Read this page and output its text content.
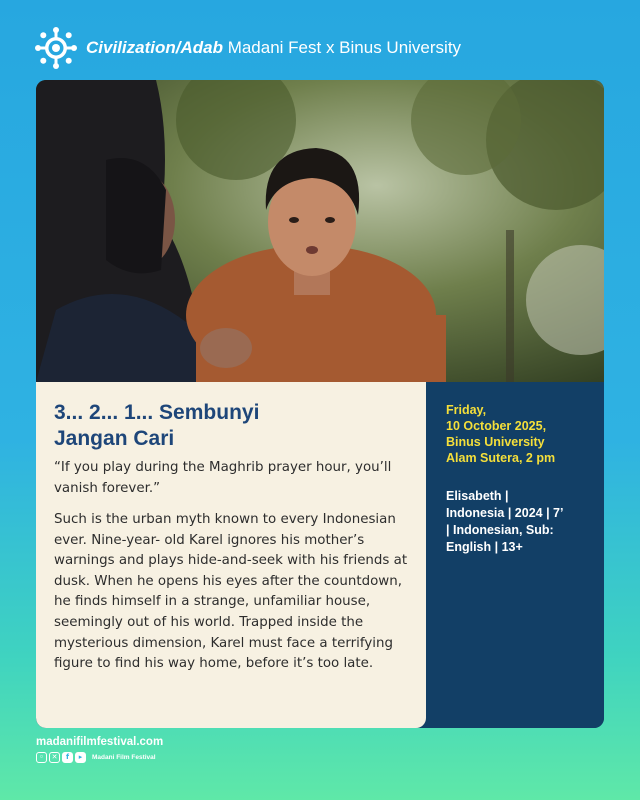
Civilization/Adab Madani Fest x Binus University
3... 2... 1... Sembunyi
Jangan Cari

“If you play during the Maghrib prayer hour, you’ll vanish forever.”

Such is the urban myth known to every Indonesian ever. Nine-year- old Karel ignores his mother’s warnings and plays hide-and-seek with his friends at dusk. When he opens his eyes after the countdown, he finds himself in a strange, unfamiliar house, seemingly out of his world. Trapped inside the mysterious dimension, Karel must face a terrifying figure to find his way home, before it’s too late.

Friday,
10 October 2025,
Binus University
Alam Sutera, 2 pm
Elisabeth |
Indonesia | 2024 | 7’
| Indonesian, Sub:
English | 13+
madanifilmfestival.com
◦	✕	f	▸	Madani Film Festival
